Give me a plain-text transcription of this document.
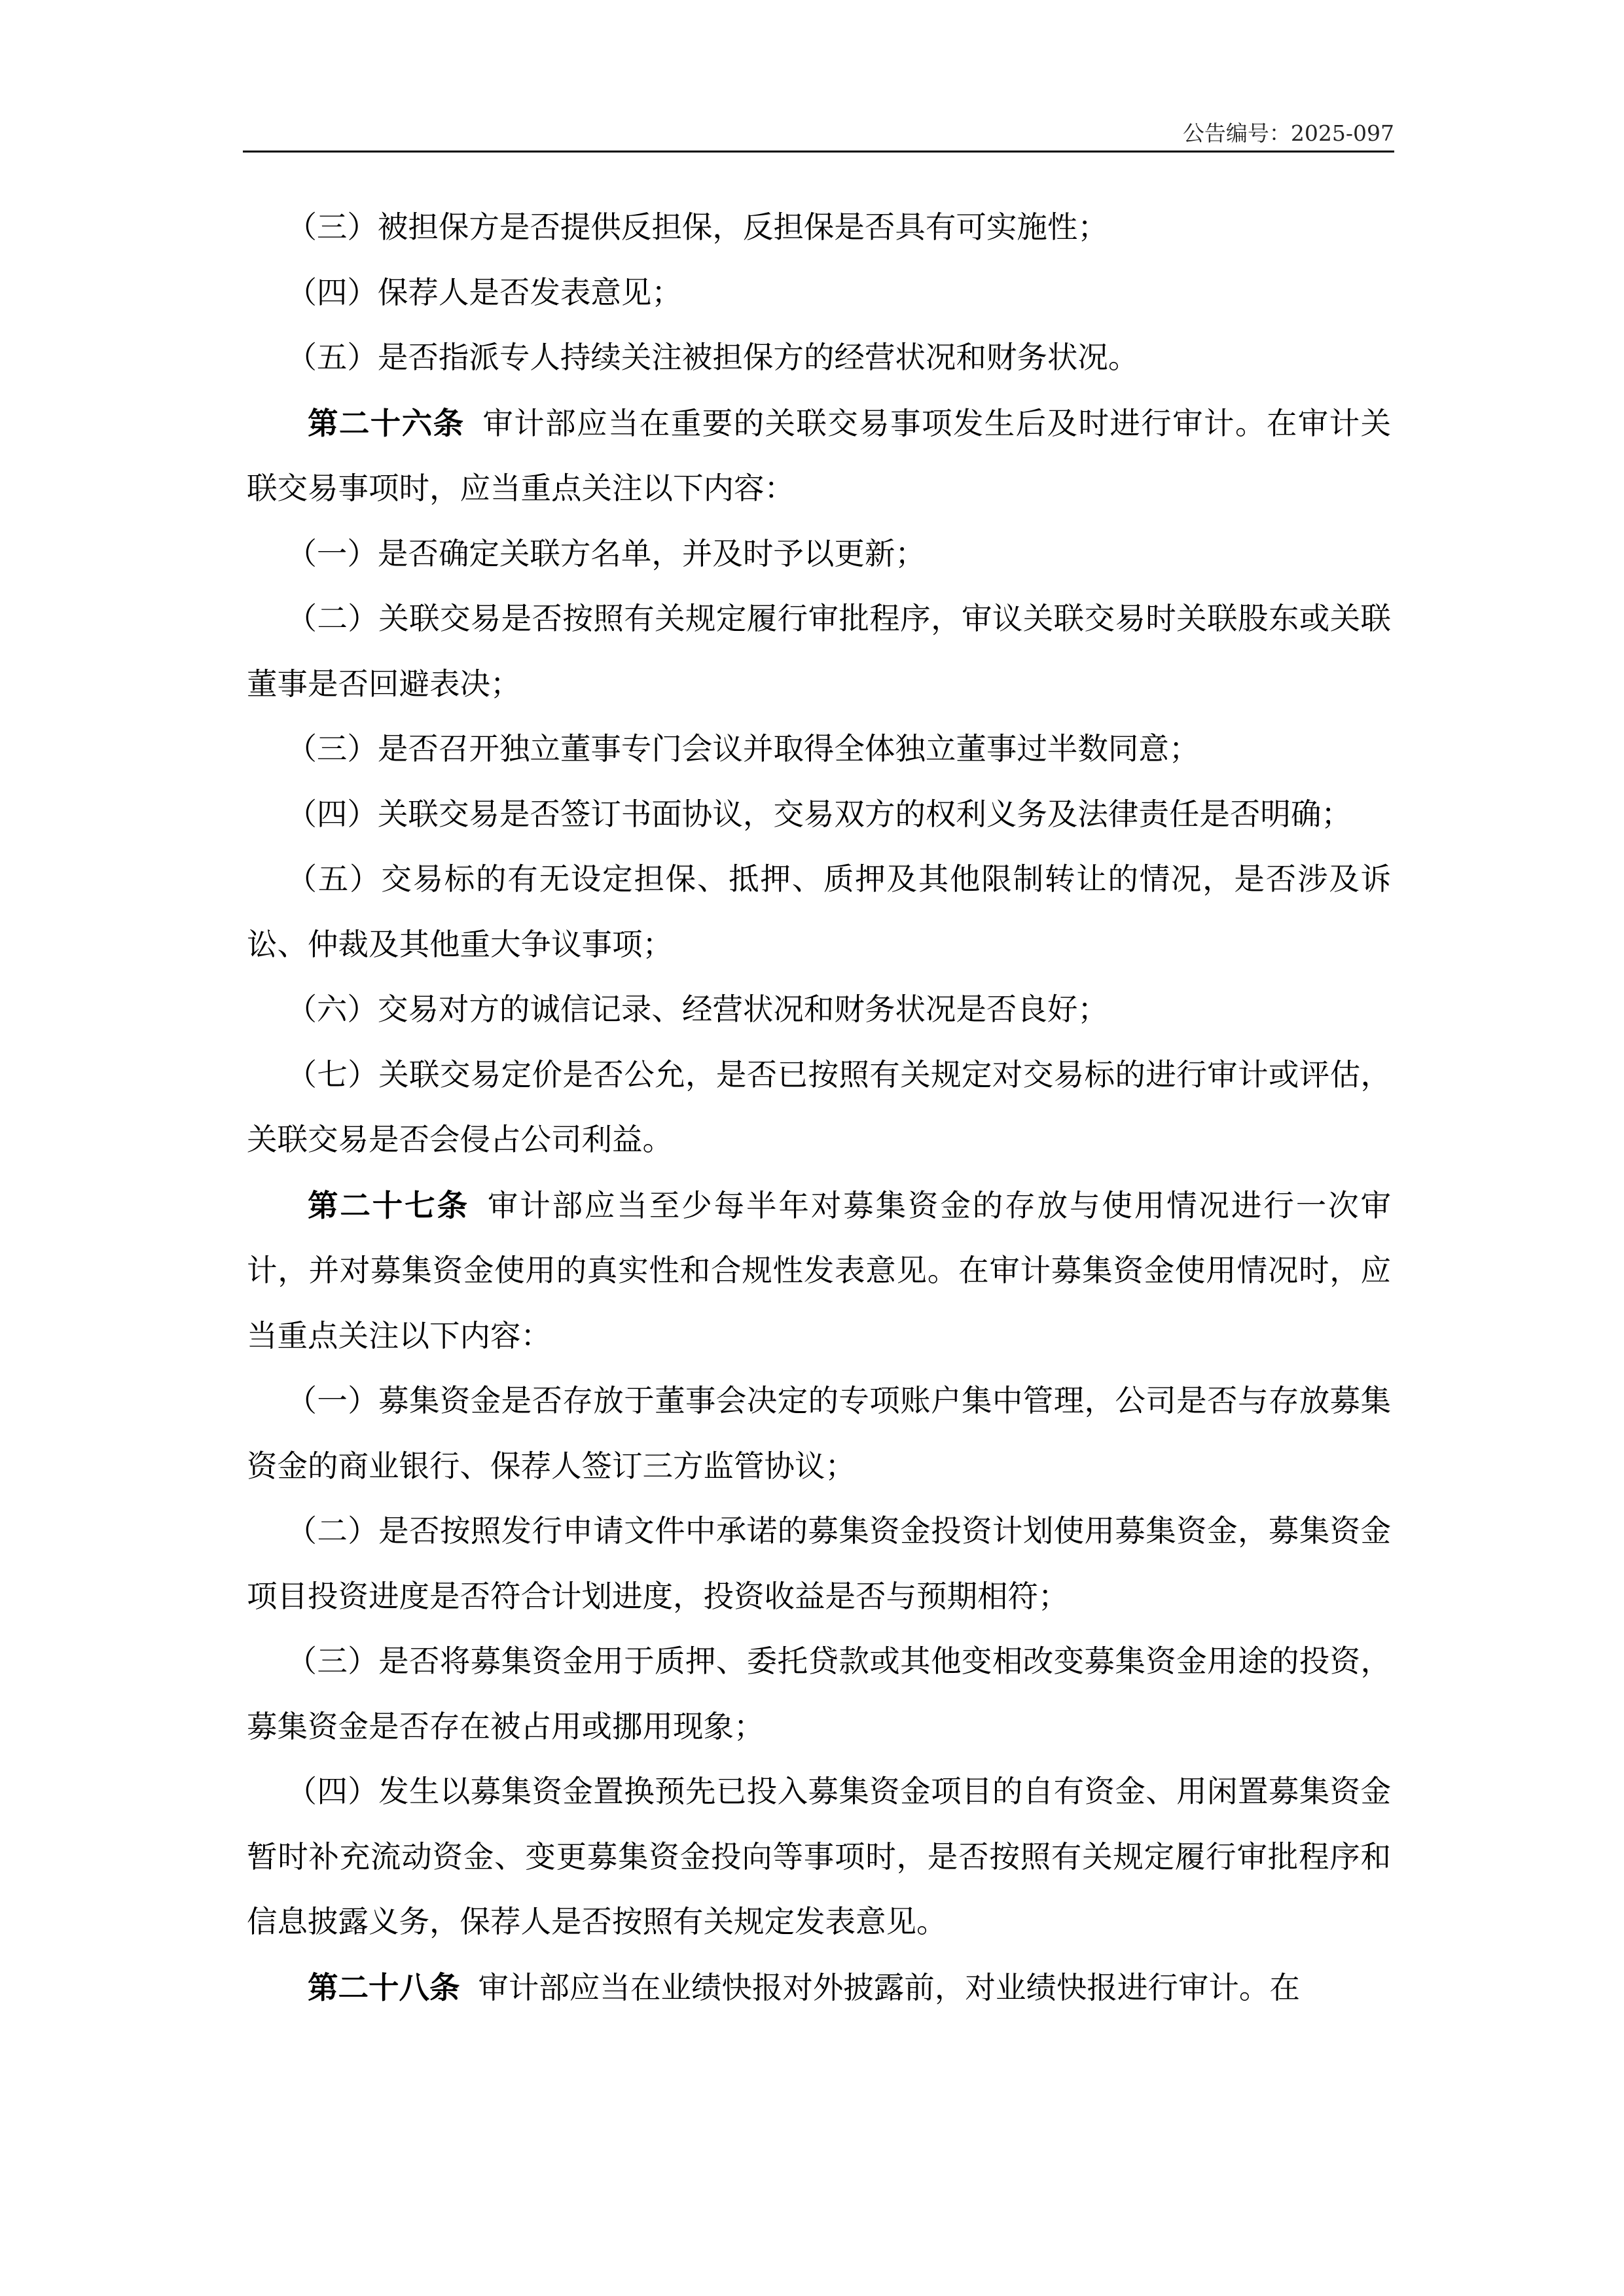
公告编号：2025-097

（三）被担保方是否提供反担保，反担保是否具有可实施性；

（四）保荐人是否发表意见；

（五）是否指派专人持续关注被担保方的经营状况和财务状况。

第二十六条 审计部应当在重要的关联交易事项发生后及时进行审计。在审计关联交易事项时，应当重点关注以下内容：

（一）是否确定关联方名单，并及时予以更新；

（二）关联交易是否按照有关规定履行审批程序，审议关联交易时关联股东或关联董事是否回避表决；

（三）是否召开独立董事专门会议并取得全体独立董事过半数同意；

（四）关联交易是否签订书面协议，交易双方的权利义务及法律责任是否明确；

（五）交易标的有无设定担保、抵押、质押及其他限制转让的情况，是否涉及诉讼、仲裁及其他重大争议事项；

（六）交易对方的诚信记录、经营状况和财务状况是否良好；

（七）关联交易定价是否公允，是否已按照有关规定对交易标的进行审计或评估，关联交易是否会侵占公司利益。

第二十七条 审计部应当至少每半年对募集资金的存放与使用情况进行一次审计，并对募集资金使用的真实性和合规性发表意见。在审计募集资金使用情况时，应当重点关注以下内容：

（一）募集资金是否存放于董事会决定的专项账户集中管理，公司是否与存放募集资金的商业银行、保荐人签订三方监管协议；

（二）是否按照发行申请文件中承诺的募集资金投资计划使用募集资金，募集资金项目投资进度是否符合计划进度，投资收益是否与预期相符；

（三）是否将募集资金用于质押、委托贷款或其他变相改变募集资金用途的投资，募集资金是否存在被占用或挪用现象；

（四）发生以募集资金置换预先已投入募集资金项目的自有资金、用闲置募集资金暂时补充流动资金、变更募集资金投向等事项时，是否按照有关规定履行审批程序和信息披露义务，保荐人是否按照有关规定发表意见。

第二十八条 审计部应当在业绩快报对外披露前，对业绩快报进行审计。在
